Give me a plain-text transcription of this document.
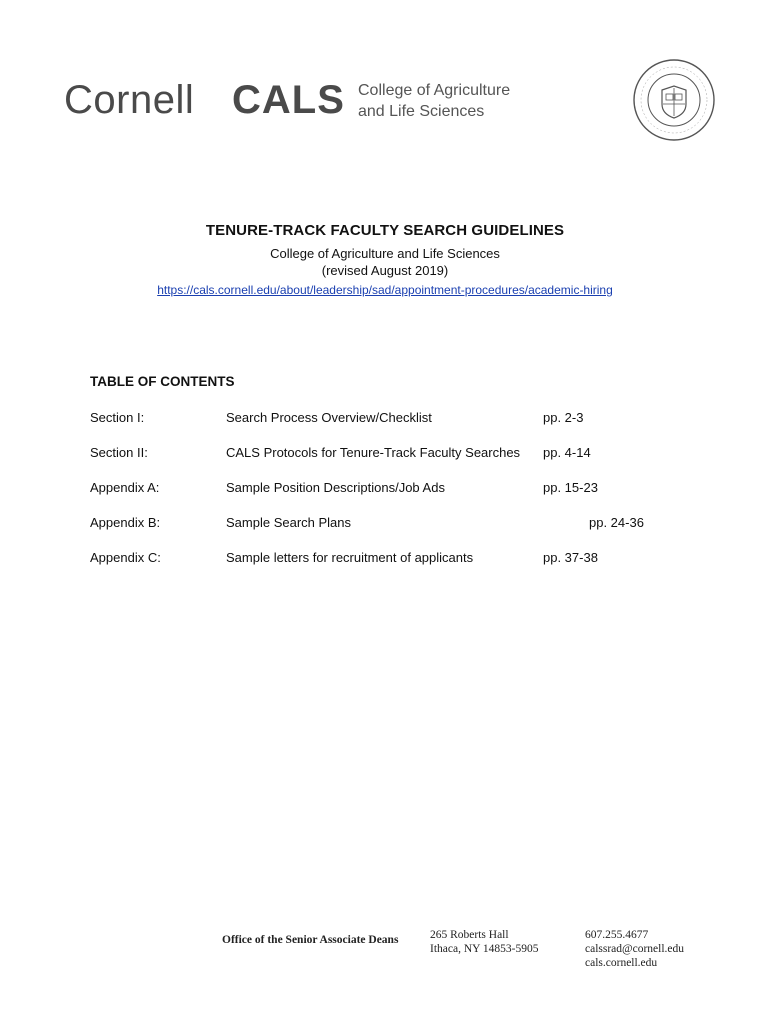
Cornell CALS College of Agriculture
and Life Sciences
TENURE-TRACK FACULTY SEARCH GUIDELINES
College of Agriculture and Life Sciences
(revised August 2019)
https://cals.cornell.edu/about/leadership/sad/appointment-procedures/academic-hiring
TABLE OF CONTENTS
Section I:	Search Process Overview/Checklist	pp. 2-3
Section II:	CALS Protocols for Tenure-Track Faculty Searches pp. 4-14
Appendix A:	Sample Position Descriptions/Job Ads	pp. 15-23
Appendix B:	Sample Search Plans	pp. 24-36
Appendix C:	Sample letters for recruitment of applicants	pp. 37-38
Office of the Senior Associate Deans	265 Roberts Hall
Ithaca, NY 14853-5905
607.255.4677
calssrad@cornell.edu
cals.cornell.edu
